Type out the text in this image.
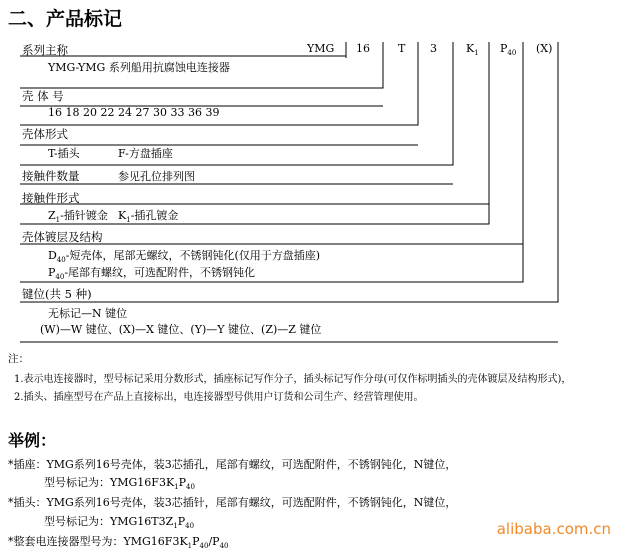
二、产品标记
YMG 16	T 3	$K_1$ $P_{40}$ (X)
系列主称
YMG-YMG 系列船用抗腐蚀电连接器
壳 体 号
16 18 20 22 24 27 30 33 36 39
壳体形式
T-插头	F-方盘插座
接触件数量	参见孔位排列图
接触件形式
$Z_1-$插针镀金 $K_1-$插孔镀金
壳体镀层及结构
$D_{40}-$短壳体，尾部无螺纹，不锈钢钝化(仅用于方盘插座)
$P_{40}-$尾部有螺纹，可选配附件，不锈钢钝化
键位(共 5 种)
无标记—N 键位
(W)—W 键位、(X)—X 键位、(Y)—Y 键位、(Z)—Z 键位
注：
1.表示电连接器时，型号标记采用分数形式，插座标记写作分子，插头标记写作分母(可仅作标明插头的壳体镀层及结构形式)，
2.插头、插座型号在产品上直接标出，电连接器型号供用户订货和公司生产、经营管理使用。
举例：
*插座：YMG系列16号壳体，装3芯插孔，尾部有螺纹，可选配附件，不锈钢钝化，N键位，
型号标记为：$YMG16F3K_1P_{40}$
*插头：YMG系列16号壳体，装3芯插针，尾部有螺纹，可选配附件，不锈钢钝化，N键位，
型号标记为：$YMG16T3Z_1P_{40}$
*整套电连接器型号为：$YMG16F3K_1P_{40}/P_{40}$
alibaba.com.cn
